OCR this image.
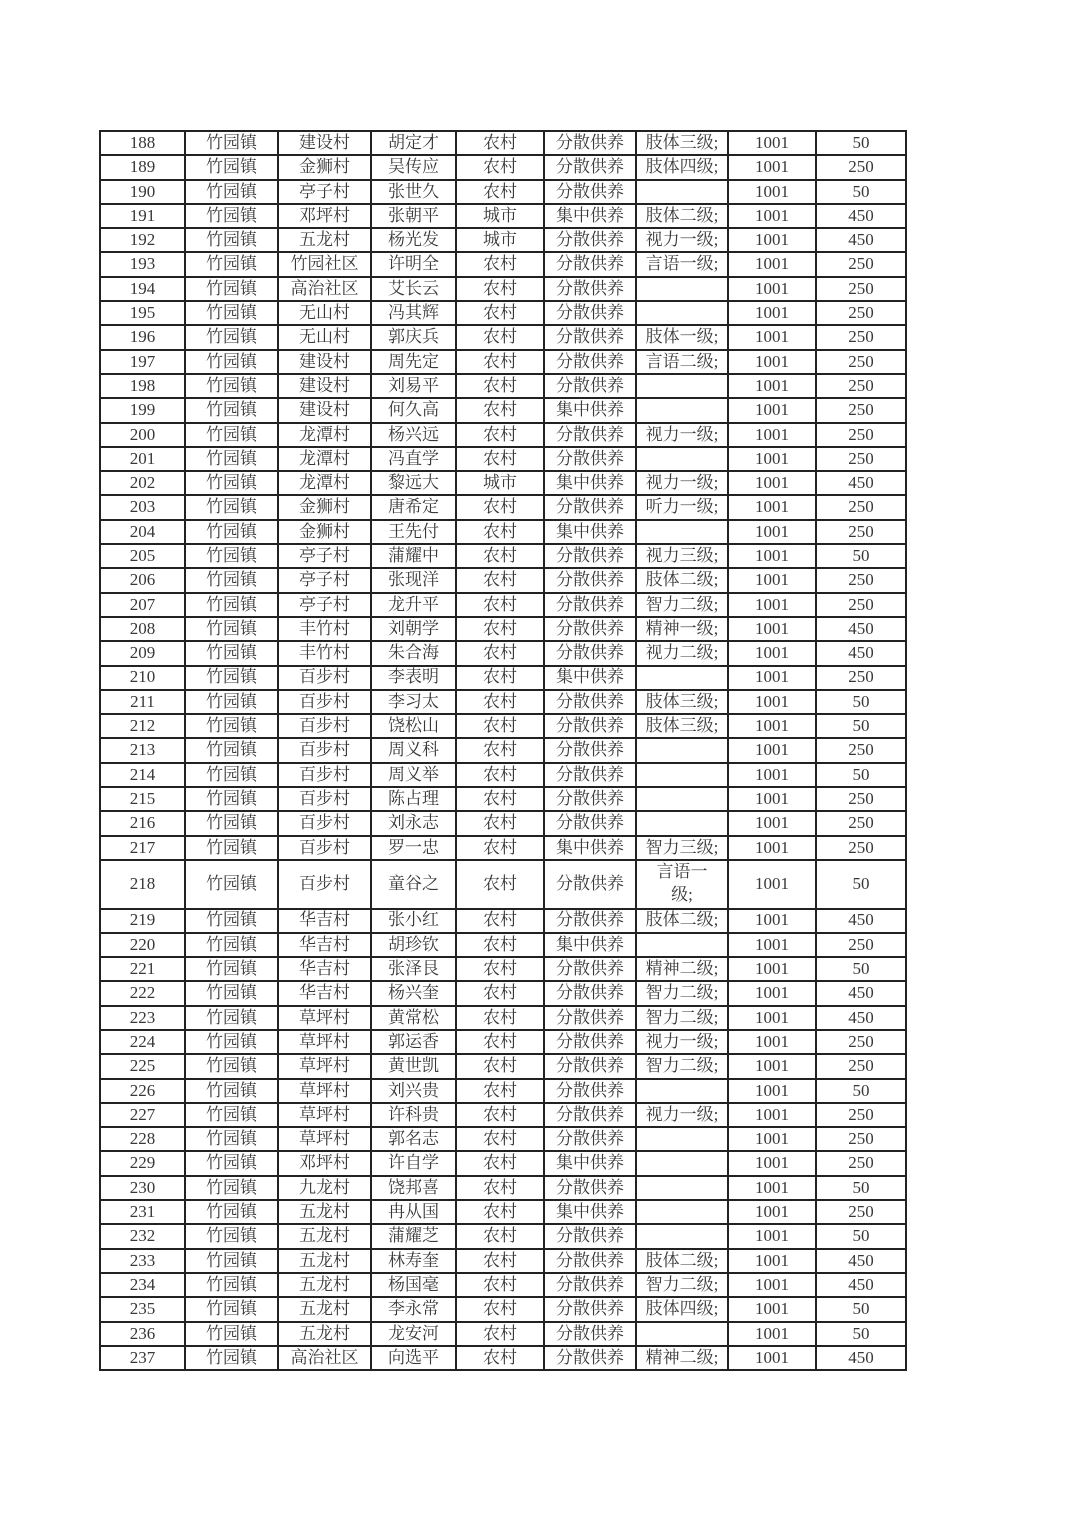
188	竹园镇	建设村	胡定才	农村	分散供养	肢体三级;	1001	50
189	竹园镇	金狮村	吴传应	农村	分散供养	肢体四级;	1001	250
190	竹园镇	亭子村	张世久	农村	分散供养		1001	50
191	竹园镇	邓坪村	张朝平	城市	集中供养	肢体二级;	1001	450
192	竹园镇	五龙村	杨光发	城市	分散供养	视力一级;	1001	450
193	竹园镇	竹园社区	许明全	农村	分散供养	言语一级;	1001	250
194	竹园镇	高治社区	艾长云	农村	分散供养		1001	250
195	竹园镇	无山村	冯其辉	农村	分散供养		1001	250
196	竹园镇	无山村	郭庆兵	农村	分散供养	肢体一级;	1001	250
197	竹园镇	建设村	周先定	农村	分散供养	言语二级;	1001	250
198	竹园镇	建设村	刘易平	农村	分散供养		1001	250
199	竹园镇	建设村	何久高	农村	集中供养		1001	250
200	竹园镇	龙潭村	杨兴远	农村	分散供养	视力一级;	1001	250
201	竹园镇	龙潭村	冯直学	农村	分散供养		1001	250
202	竹园镇	龙潭村	黎远大	城市	集中供养	视力一级;	1001	450
203	竹园镇	金狮村	唐希定	农村	分散供养	听力一级;	1001	250
204	竹园镇	金狮村	王先付	农村	集中供养		1001	250
205	竹园镇	亭子村	蒲耀中	农村	分散供养	视力三级;	1001	50
206	竹园镇	亭子村	张现洋	农村	分散供养	肢体二级;	1001	250
207	竹园镇	亭子村	龙升平	农村	分散供养	智力二级;	1001	250
208	竹园镇	丰竹村	刘朝学	农村	分散供养	精神一级;	1001	450
209	竹园镇	丰竹村	朱合海	农村	分散供养	视力二级;	1001	450
210	竹园镇	百步村	李表明	农村	集中供养		1001	250
211	竹园镇	百步村	李习太	农村	分散供养	肢体三级;	1001	50
212	竹园镇	百步村	饶松山	农村	分散供养	肢体三级;	1001	50
213	竹园镇	百步村	周义科	农村	分散供养		1001	250
214	竹园镇	百步村	周义举	农村	分散供养		1001	50
215	竹园镇	百步村	陈占理	农村	分散供养		1001	250
216	竹园镇	百步村	刘永志	农村	分散供养		1001	250
217	竹园镇	百步村	罗一忠	农村	集中供养	智力三级;	1001	250
218	竹园镇	百步村	童谷之	农村	分散供养	言语一级;	1001	50
219	竹园镇	华吉村	张小红	农村	分散供养	肢体二级;	1001	450
220	竹园镇	华吉村	胡珍钦	农村	集中供养		1001	250
221	竹园镇	华吉村	张泽艮	农村	分散供养	精神二级;	1001	50
222	竹园镇	华吉村	杨兴奎	农村	分散供养	智力二级;	1001	450
223	竹园镇	草坪村	黄常松	农村	分散供养	智力二级;	1001	450
224	竹园镇	草坪村	郭运香	农村	分散供养	视力一级;	1001	250
225	竹园镇	草坪村	黄世凯	农村	分散供养	智力二级;	1001	250
226	竹园镇	草坪村	刘兴贵	农村	分散供养		1001	50
227	竹园镇	草坪村	许科贵	农村	分散供养	视力一级;	1001	250
228	竹园镇	草坪村	郭名志	农村	分散供养		1001	250
229	竹园镇	邓坪村	许自学	农村	集中供养		1001	250
230	竹园镇	九龙村	饶邦喜	农村	分散供养		1001	50
231	竹园镇	五龙村	冉从国	农村	集中供养		1001	250
232	竹园镇	五龙村	蒲耀芝	农村	分散供养		1001	50
233	竹园镇	五龙村	林寿奎	农村	分散供养	肢体二级;	1001	450
234	竹园镇	五龙村	杨国毫	农村	分散供养	智力二级;	1001	450
235	竹园镇	五龙村	李永常	农村	分散供养	肢体四级;	1001	50
236	竹园镇	五龙村	龙安河	农村	分散供养		1001	50
237	竹园镇	高治社区	向选平	农村	分散供养	精神二级;	1001	450
